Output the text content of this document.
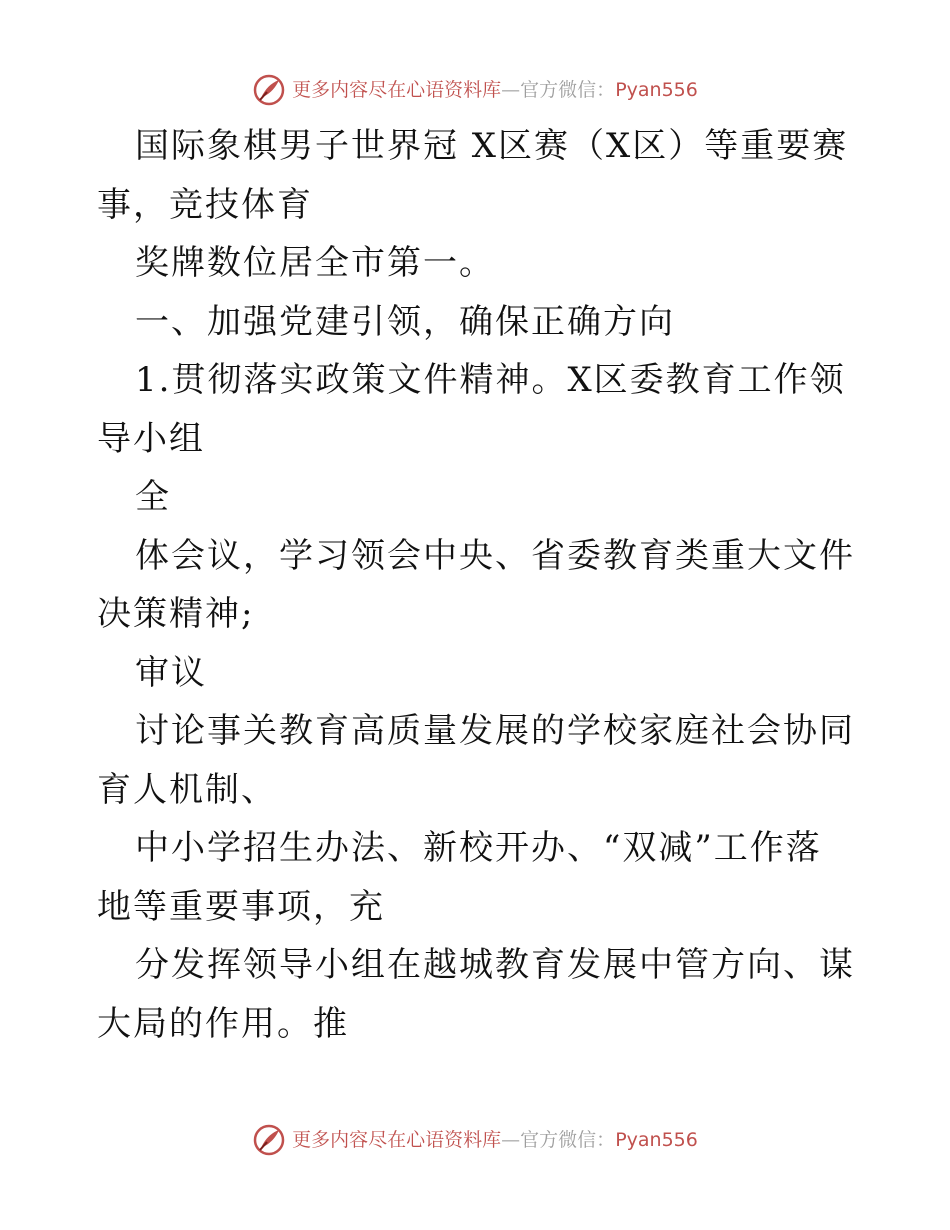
更多内容尽在心语资料库—官方微信：Pyan556

国际象棋男子世界冠 X区赛（X区）等重要赛事，竞技体育

奖牌数位居全市第一。

一、加强党建引领，确保正确方向

1.贯彻落实政策文件精神。X区委教育工作领导小组

全

体会议，学习领会中央、省委教育类重大文件决策精神;

审议

讨论事关教育高质量发展的学校家庭社会协同育人机制、

中小学招生办法、新校开办、“双减”工作落地等重要事项，充

分发挥领导小组在越城教育发展中管方向、谋大局的作用。推

更多内容尽在心语资料库—官方微信：Pyan556
